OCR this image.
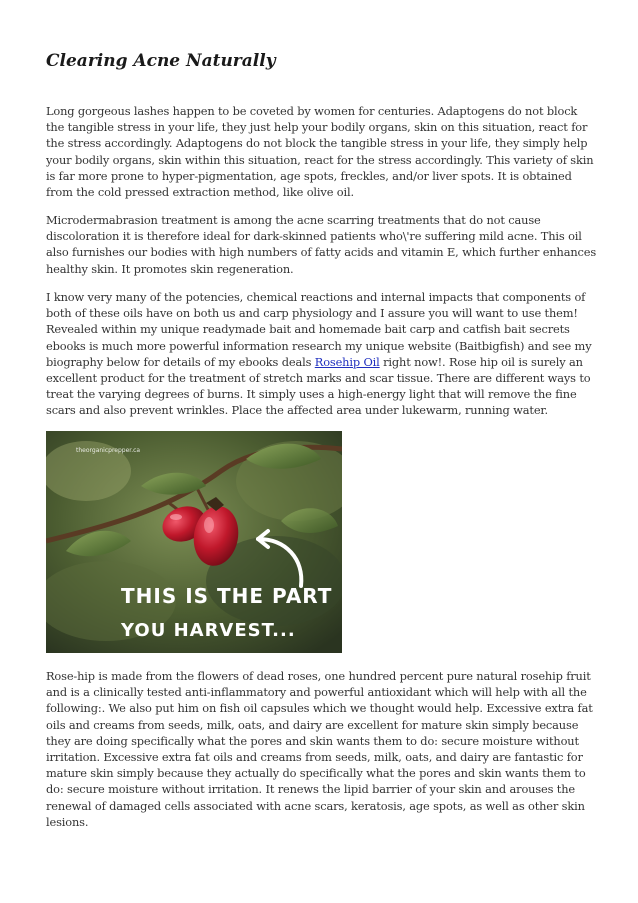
Clearing Acne Naturally

Long gorgeous lashes happen to be coveted by women for centuries. Adaptogens do not block the tangible stress in your life, they just help your bodily organs, skin on this situation, react for the stress accordingly. Adaptogens do not block the tangible stress in your life, they simply help your bodily organs, skin within this situation, react for the stress accordingly. This variety of skin is far more prone to hyper-pigmentation, age spots, freckles, and/or liver spots. It is obtained from the cold pressed extraction method, like olive oil.

Microdermabrasion treatment is among the acne scarring treatments that do not cause discoloration it is therefore ideal for dark-skinned patients who\'re suffering mild acne. This oil also furnishes our bodies with high numbers of fatty acids and vitamin E, which further enhances healthy skin. It promotes skin regeneration.

I know very many of the potencies, chemical reactions and internal impacts that components of both of these oils have on both us and carp physiology and I assure you will want to use them! Revealed within my unique readymade bait and homemade bait carp and catfish bait secrets ebooks is much more powerful information research my unique website (Baitbigfish) and see my biography below for details of my ebooks deals Rosehip Oil right now!. Rose hip oil is surely an excellent product for the treatment of stretch marks and scar tissue. There are different ways to treat the varying degrees of burns. It simply uses a high-energy light that will remove the fine scars and also prevent wrinkles. Place the affected area under lukewarm, running water.

theorganicprepper.ca
THIS IS THE PART
YOU HARVEST...

Rose-hip is made from the flowers of dead roses, one hundred percent pure natural rosehip fruit and is a clinically tested anti-inflammatory and powerful antioxidant which will help with all the following:. We also put him on fish oil capsules which we thought would help. Excessive extra fat oils and creams from seeds, milk, oats, and dairy are excellent for mature skin simply because they are doing specifically what the pores and skin wants them to do: secure moisture without irritation. Excessive extra fat oils and creams from seeds, milk, oats, and dairy are fantastic for mature skin simply because they actually do specifically what the pores and skin wants them to do: secure moisture without irritation. It renews the lipid barrier of your skin and arouses the renewal of damaged cells associated with acne scars, keratosis, age spots, as well as other skin lesions.
